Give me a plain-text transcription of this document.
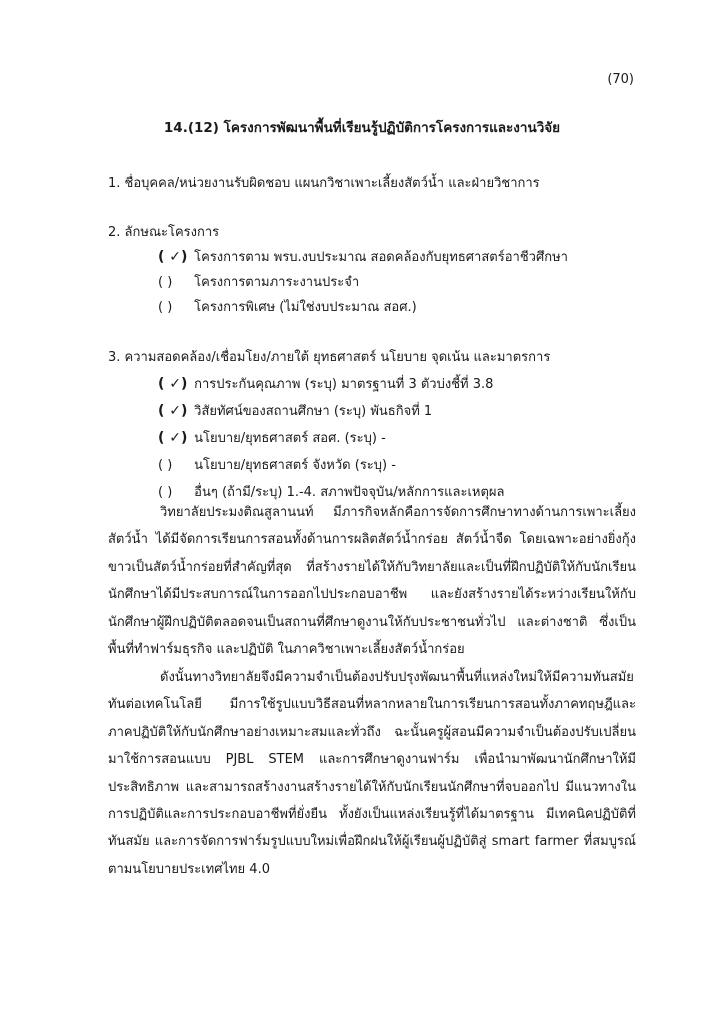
(70)
14.(12) โครงการพัฒนาพื้นที่เรียนรู้ปฏิบัติการโครงการและงานวิจัย
1. ชื่อบุคคล/หน่วยงานรับผิดชอบ แผนกวิชาเพาะเลี้ยงสัตว์น้ำ และฝ่ายวิชาการ
2. ลักษณะโครงการ
( ✓) โครงการตาม พรบ.งบประมาณ สอดคล้องกับยุทธศาสตร์อาชีวศึกษา
( ) โครงการตามภาระงานประจำ
( ) โครงการพิเศษ (ไม่ใช่งบประมาณ สอศ.)
3. ความสอดคล้อง/เชื่อมโยง/ภายใต้ ยุทธศาสตร์ นโยบาย จุดเน้น และมาตรการ
( ✓) การประกันคุณภาพ (ระบุ) มาตรฐานที่ 3 ตัวบ่งชี้ที่ 3.8
( ✓) วิสัยทัศน์ของสถานศึกษา (ระบุ) พันธกิจที่ 1
( ✓) นโยบาย/ยุทธศาสตร์ สอศ. (ระบุ) -
( ) นโยบาย/ยุทธศาสตร์ จังหวัด (ระบุ) -
( ) อื่นๆ (ถ้ามี/ระบุ) 1.-4. สภาพปัจจุบัน/หลักการและเหตุผล

วิทยาลัยประมงติณสูลานนท์ มีภารกิจหลักคือการจัดการศึกษาทางด้านการเพาะเลี้ยงสัตว์น้ำ ได้มีจัดการเรียนการสอนทั้งด้านการผลิตสัตว์น้ำกร่อย สัตว์น้ำจืด โดยเฉพาะอย่างยิ่งกุ้งขาวเป็นสัตว์น้ำกร่อยที่สำคัญที่สุด ที่สร้างรายได้ให้กับวิทยาลัยและเป็นที่ฝึกปฏิบัติให้กับนักเรียนนักศึกษาได้มีประสบการณ์ในการออกไปประกอบอาชีพ และยังสร้างรายได้ระหว่างเรียนให้กับนักศึกษาผู้ฝึกปฏิบัติตลอดจนเป็นสถานที่ศึกษาดูงานให้กับประชาชนทั่วไป และต่างชาติ ซึ่งเป็นพื้นที่ทำฟาร์มธุรกิจ และปฏิบัติ ในภาควิชาเพาะเลี้ยงสัตว์น้ำกร่อย

ดังนั้นทางวิทยาลัยจึงมีความจำเป็นต้องปรับปรุงพัฒนาพื้นที่แหล่งใหม่ให้มีความทันสมัย ทันต่อเทคโนโลยี มีการใช้รูปแบบวิธีสอนที่หลากหลายในการเรียนการสอนทั้งภาคทฤษฎีและภาคปฏิบัติให้กับนักศึกษาอย่างเหมาะสมและทั่วถึง ฉะนั้นครูผู้สอนมีความจำเป็นต้องปรับเปลี่ยนมาใช้การสอนแบบ PJBL STEM และการศึกษาดูงานฟาร์ม เพื่อนำมาพัฒนานักศึกษาให้มีประสิทธิภาพ และสามารถสร้างงานสร้างรายได้ให้กับนักเรียนนักศึกษาที่จบออกไป มีแนวทางในการปฏิบัติและการประกอบอาชีพที่ยั่งยืน ทั้งยังเป็นแหล่งเรียนรู้ที่ได้มาตรฐาน มีเทคนิคปฏิบัติที่ทันสมัย และการจัดการฟาร์มรูปแบบใหม่เพื่อฝึกฝนให้ผู้เรียนผู้ปฏิบัติสู่ smart farmer ที่สมบูรณ์ตามนโยบายประเทศไทย 4.0
